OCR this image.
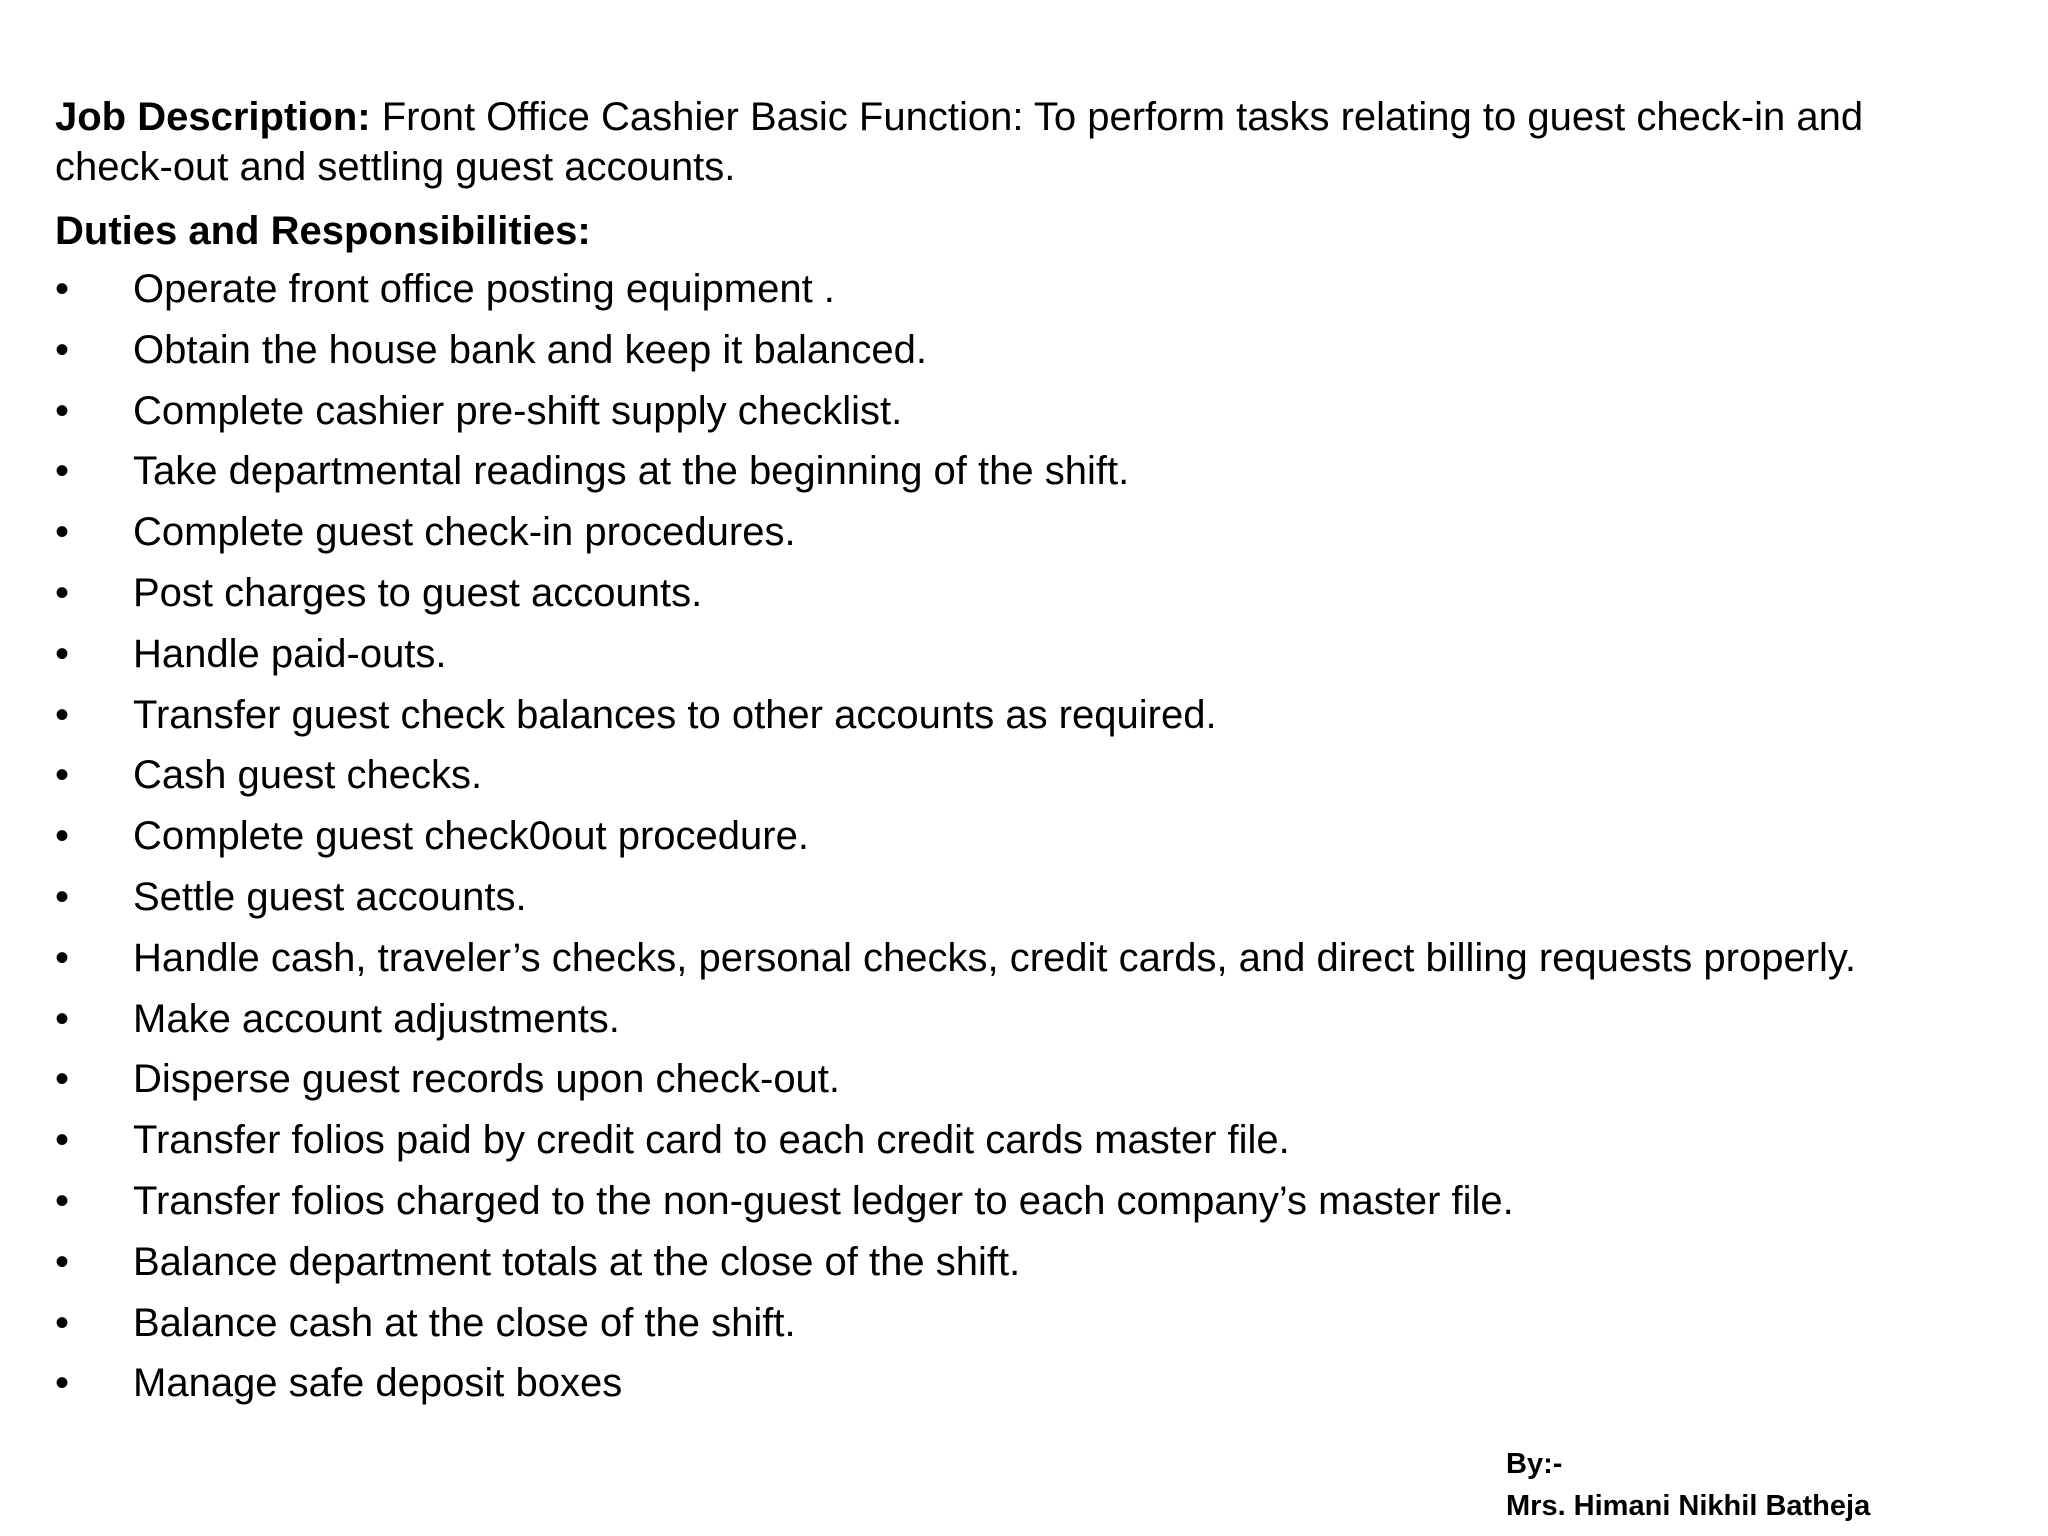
Job Description: Front Office Cashier Basic Function: To perform tasks relating to guest check-in and check-out and settling guest accounts.
Duties and Responsibilities:
•	Operate front office posting equipment .
•	Obtain the house bank and keep it balanced.
•	Complete cashier pre-shift supply checklist.
•	Take departmental readings at the beginning of the shift.
•	Complete guest check-in procedures.
•	Post charges to guest accounts.
•	Handle paid-outs.
•	Transfer guest check balances to other accounts as required.
•	Cash guest checks.
•	Complete guest check0out procedure.
•	Settle guest accounts.
•	Handle cash, traveler’s checks, personal checks, credit cards, and direct billing requests properly.
•	Make account adjustments.
•	Disperse guest records upon check-out.
•	Transfer folios paid by credit card to each credit cards master file.
•	Transfer folios charged to the non-guest ledger to each company’s master file.
•	Balance department totals at the close of the shift.
•	Balance cash at the close of the shift.
•	Manage safe deposit boxes
By:-
Mrs. Himani Nikhil Batheja
